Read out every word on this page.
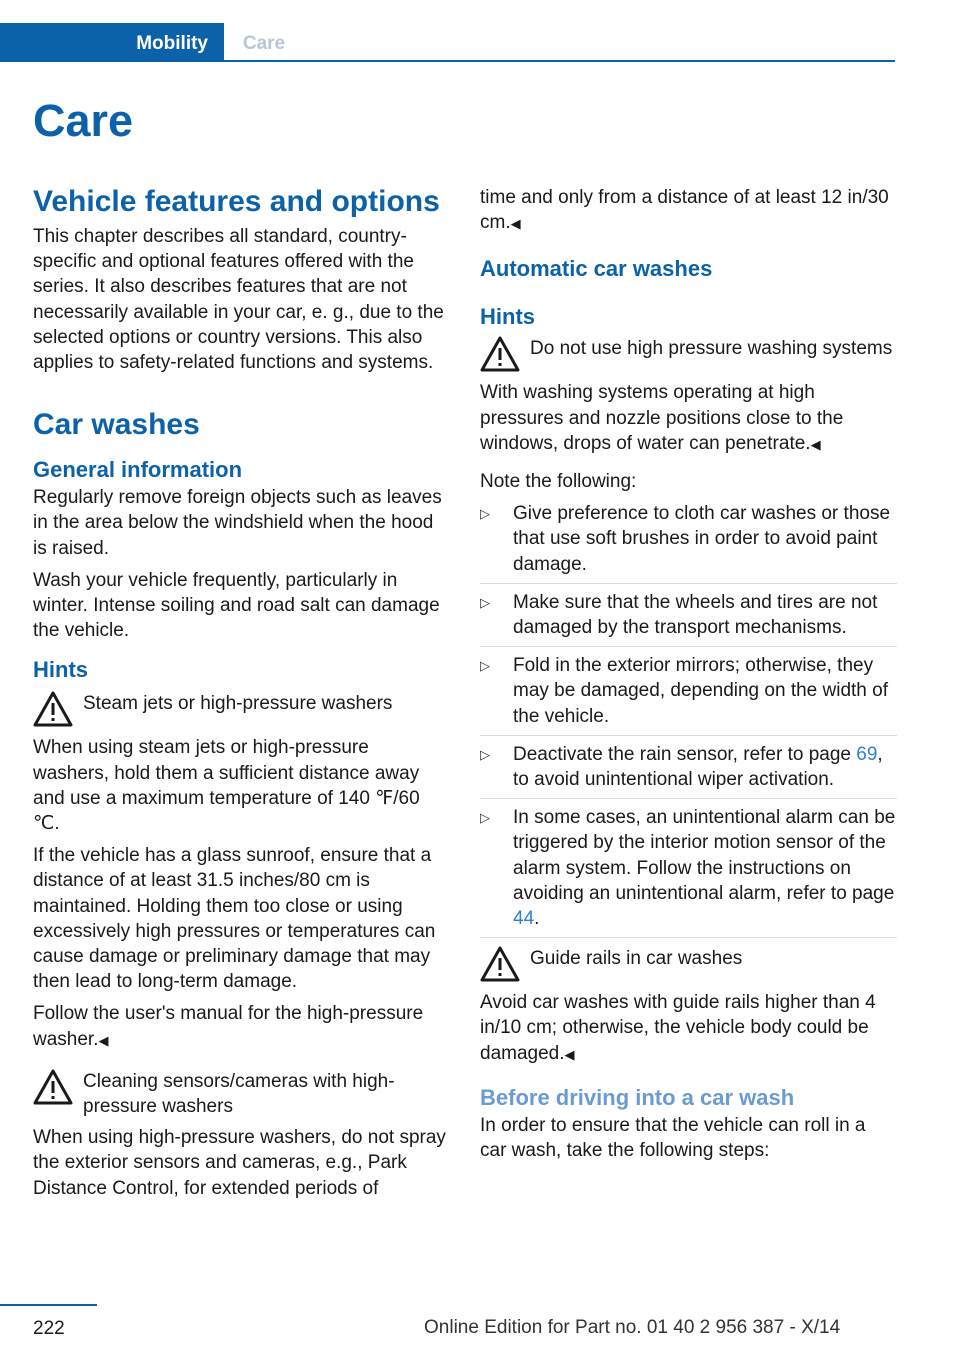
Mobility	Care
Care
Vehicle features and options

This chapter describes all standard, country-specific and optional features offered with the series. It also describes features that are not necessarily available in your car, e. g., due to the selected options or country versions. This also applies to safety-related functions and systems.

Car washes
General information

Regularly remove foreign objects such as leaves in the area below the windshield when the hood is raised.

Wash your vehicle frequently, particularly in winter. Intense soiling and road salt can damage the vehicle.

Hints
Steam jets or high-pressure washers

When using steam jets or high-pressure washers, hold them a sufficient distance away and use a maximum temperature of 140 ℉/60 ℃.

If the vehicle has a glass sunroof, ensure that a distance of at least 31.5 inches/80 cm is maintained. Holding them too close or using excessively high pressures or temperatures can cause damage or preliminary damage that may then lead to long-term damage.

Follow the user's manual for the high-pressure washer.◀

Cleaning sensors/cameras with high-pressure washers

When using high-pressure washers, do not spray the exterior sensors and cameras, e.g., Park Distance Control, for extended periods of

time and only from a distance of at least 12 in/30 cm.◀

Automatic car washes
Hints
Do not use high pressure washing systems

With washing systems operating at high pressures and nozzle positions close to the windows, drops of water can penetrate.◀

Note the following:

▷ Give preference to cloth car washes or those that use soft brushes in order to avoid paint damage.
▷ Make sure that the wheels and tires are not damaged by the transport mechanisms.
▷ Fold in the exterior mirrors; otherwise, they may be damaged, depending on the width of the vehicle.
▷ Deactivate the rain sensor, refer to page 69, to avoid unintentional wiper activation.
▷ In some cases, an unintentional alarm can be triggered by the interior motion sensor of the alarm system. Follow the instructions on avoiding an unintentional alarm, refer to page 44.
Guide rails in car washes

Avoid car washes with guide rails higher than 4 in/10 cm; otherwise, the vehicle body could be damaged.◀

Before driving into a car wash

In order to ensure that the vehicle can roll in a car wash, take the following steps:

222	Online Edition for Part no. 01 40 2 956 387 - X/14
